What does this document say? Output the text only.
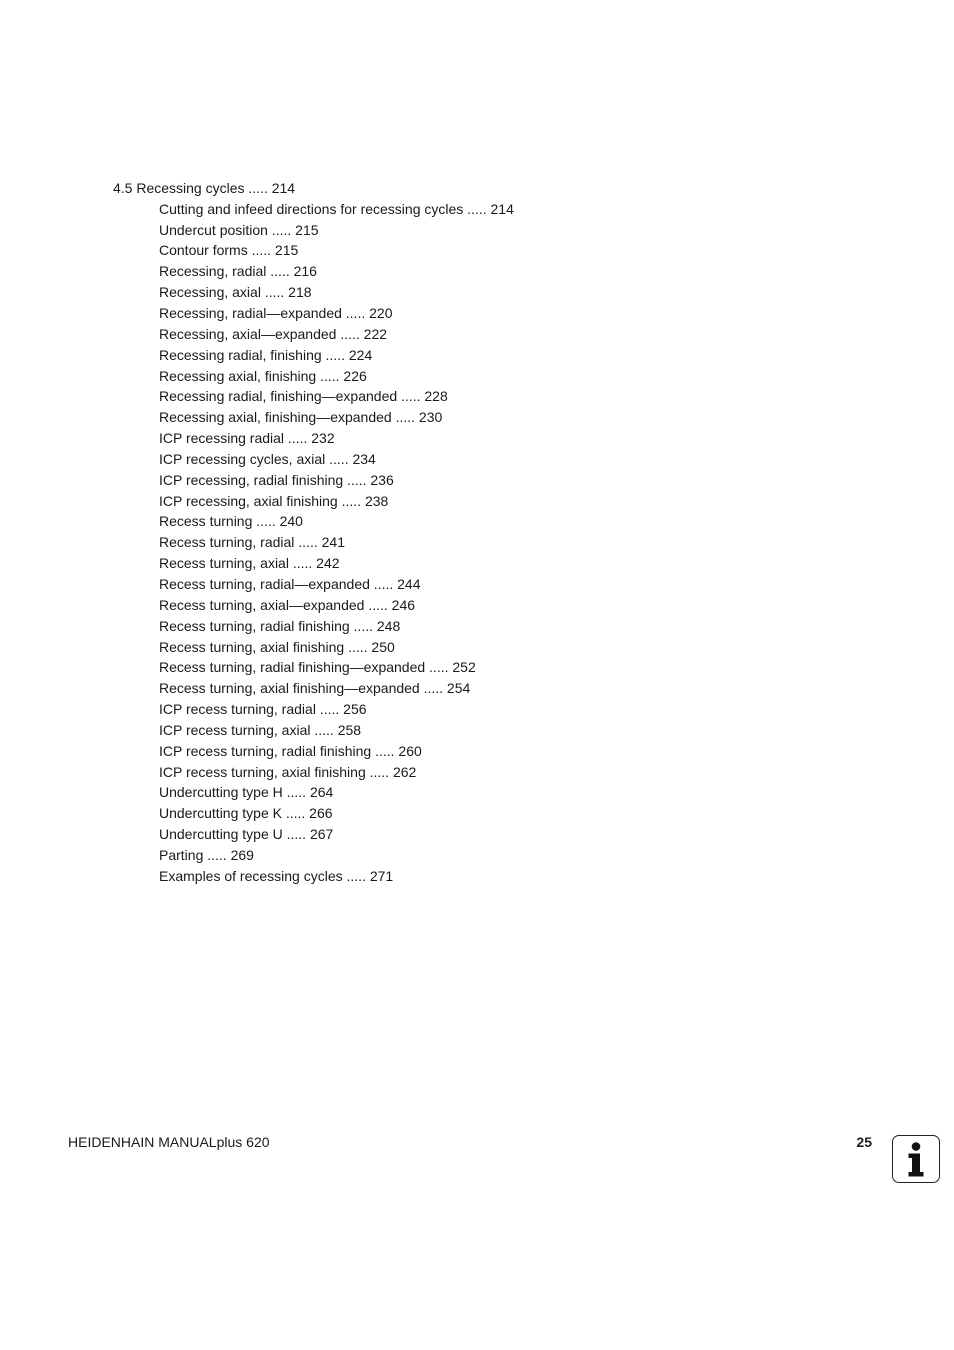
4.5 Recessing cycles ..... 214
Cutting and infeed directions for recessing cycles ..... 214
Undercut position ..... 215
Contour forms ..... 215
Recessing, radial ..... 216
Recessing, axial ..... 218
Recessing, radial—expanded ..... 220
Recessing, axial—expanded ..... 222
Recessing radial, finishing ..... 224
Recessing axial, finishing ..... 226
Recessing radial, finishing—expanded ..... 228
Recessing axial, finishing—expanded ..... 230
ICP recessing radial ..... 232
ICP recessing cycles, axial ..... 234
ICP recessing, radial finishing ..... 236
ICP recessing, axial finishing ..... 238
Recess turning ..... 240
Recess turning, radial ..... 241
Recess turning, axial ..... 242
Recess turning, radial—expanded ..... 244
Recess turning, axial—expanded ..... 246
Recess turning, radial finishing ..... 248
Recess turning, axial finishing ..... 250
Recess turning, radial finishing—expanded ..... 252
Recess turning, axial finishing—expanded ..... 254
ICP recess turning, radial ..... 256
ICP recess turning, axial ..... 258
ICP recess turning, radial finishing ..... 260
ICP recess turning, axial finishing ..... 262
Undercutting type H ..... 264
Undercutting type K ..... 266
Undercutting type U ..... 267
Parting ..... 269
Examples of recessing cycles ..... 271
HEIDENHAIN MANUALplus 620	25
